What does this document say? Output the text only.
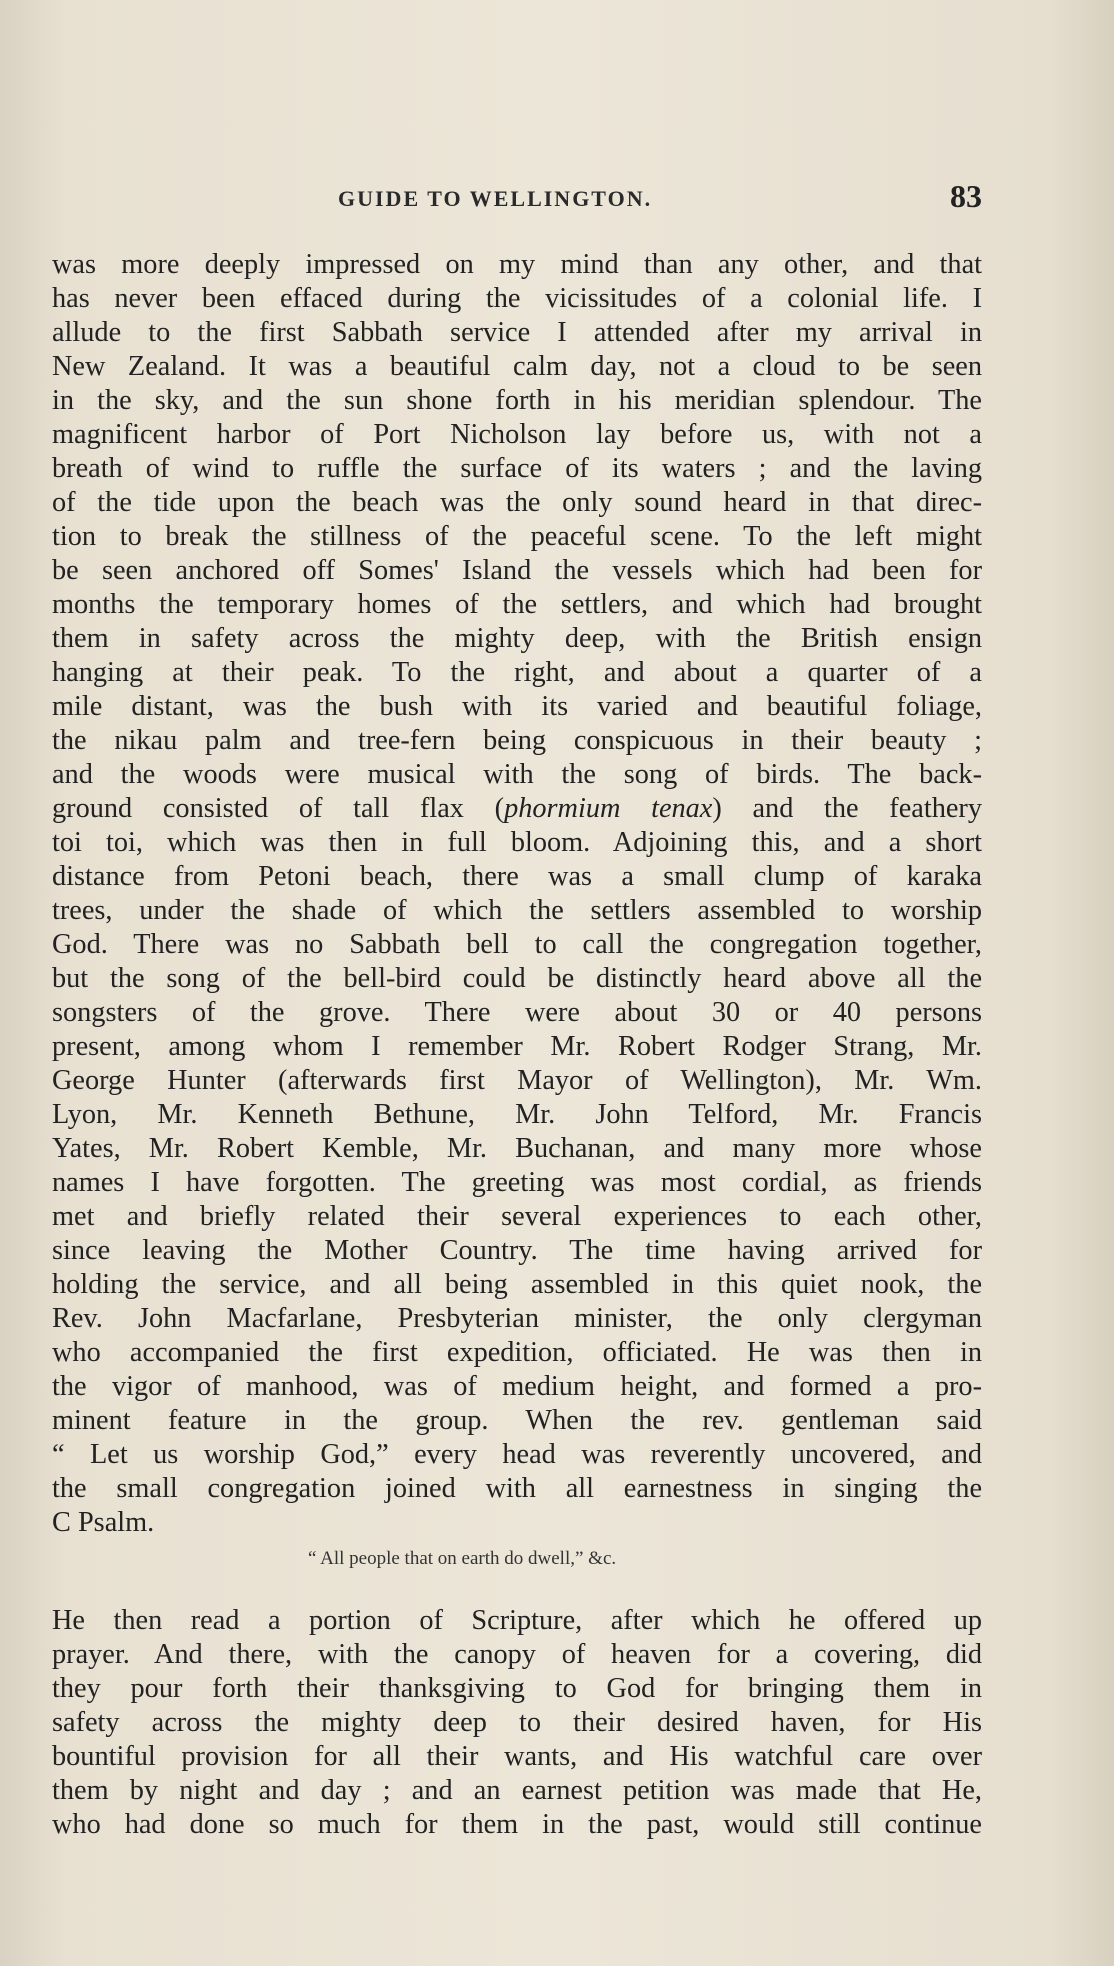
GUIDE TO WELLINGTON.	83
was more deeply impressed on my mind than any other, and that
has never been effaced during the vicissitudes of a colonial life. I
allude to the first Sabbath service I attended after my arrival in
New Zealand. It was a beautiful calm day, not a cloud to be seen
in the sky, and the sun shone forth in his meridian splendour. The
magnificent harbor of Port Nicholson lay before us, with not a
breath of wind to ruffle the surface of its waters ; and the laving
of the tide upon the beach was the only sound heard in that direc-
tion to break the stillness of the peaceful scene. To the left might
be seen anchored off Somes' Island the vessels which had been for
months the temporary homes of the settlers, and which had brought
them in safety across the mighty deep, with the British ensign
hanging at their peak. To the right, and about a quarter of a
mile distant, was the bush with its varied and beautiful foliage,
the nikau palm and tree-fern being conspicuous in their beauty ;
and the woods were musical with the song of birds. The back-
ground consisted of tall flax (phormium tenax) and the feathery
toi toi, which was then in full bloom. Adjoining this, and a short
distance from Petoni beach, there was a small clump of karaka
trees, under the shade of which the settlers assembled to worship
God. There was no Sabbath bell to call the congregation together,
but the song of the bell-bird could be distinctly heard above all the
songsters of the grove. There were about 30 or 40 persons
present, among whom I remember Mr. Robert Rodger Strang, Mr.
George Hunter (afterwards first Mayor of Wellington), Mr. Wm.
Lyon, Mr. Kenneth Bethune, Mr. John Telford, Mr. Francis
Yates, Mr. Robert Kemble, Mr. Buchanan, and many more whose
names I have forgotten. The greeting was most cordial, as friends
met and briefly related their several experiences to each other,
since leaving the Mother Country. The time having arrived for
holding the service, and all being assembled in this quiet nook, the
Rev. John Macfarlane, Presbyterian minister, the only clergyman
who accompanied the first expedition, officiated. He was then in
the vigor of manhood, was of medium height, and formed a pro-
minent feature in the group. When the rev. gentleman said
“ Let us worship God,” every head was reverently uncovered, and
the small congregation joined with all earnestness in singing the
C Psalm.
“ All people that on earth do dwell,” &c.
He then read a portion of Scripture, after which he offered up
prayer. And there, with the canopy of heaven for a covering, did
they pour forth their thanksgiving to God for bringing them in
safety across the mighty deep to their desired haven, for His
bountiful provision for all their wants, and His watchful care over
them by night and day ; and an earnest petition was made that He,
who had done so much for them in the past, would still continue
